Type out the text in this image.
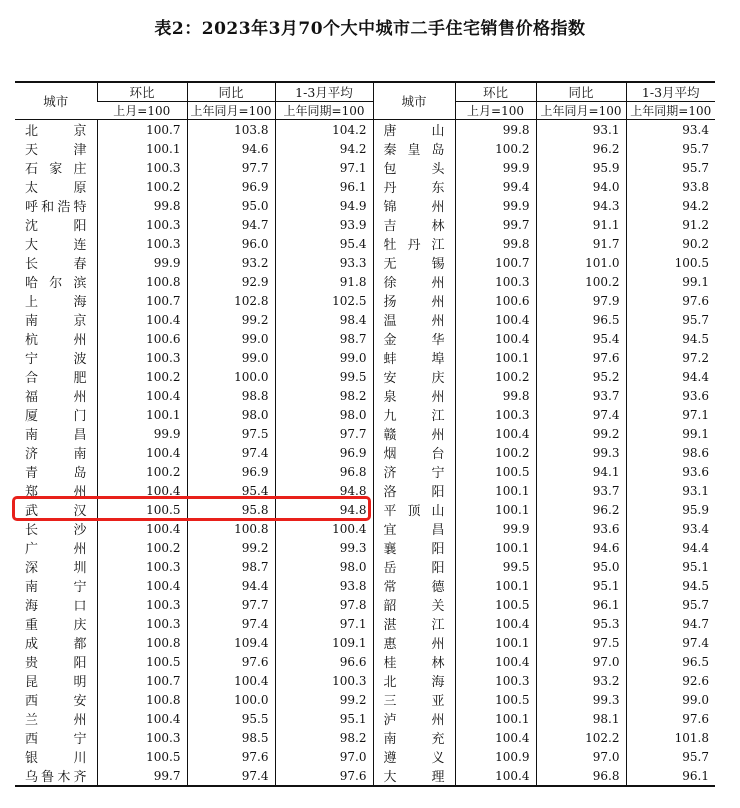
表2：2023年3月70个大中城市二手住宅销售价格指数
城市	环比	同比	1-3月平均	城市	环比	同比	1-3月平均
	上月=100	上年同月=100	上年同期=100		上月=100	上年同月=100	上年同期=100
北京	100.7	103.8	104.2	唐山	99.8	93.1	93.4
天津	100.1	94.6	94.2	秦皇岛	100.2	96.2	95.7
石家庄	100.3	97.7	97.1	包头	99.9	95.9	95.7
太原	100.2	96.9	96.1	丹东	99.4	94.0	93.8
呼和浩特	99.8	95.0	94.9	锦州	99.9	94.3	94.2
沈阳	100.3	94.7	93.9	吉林	99.7	91.1	91.2
大连	100.3	96.0	95.4	牡丹江	99.8	91.7	90.2
长春	99.9	93.2	93.3	无锡	100.7	101.0	100.5
哈尔滨	100.8	92.9	91.8	徐州	100.3	100.2	99.1
上海	100.7	102.8	102.5	扬州	100.6	97.9	97.6
南京	100.4	99.2	98.4	温州	100.4	96.5	95.7
杭州	100.6	99.0	98.7	金华	100.4	95.4	94.5
宁波	100.3	99.0	99.0	蚌埠	100.1	97.6	97.2
合肥	100.2	100.0	99.5	安庆	100.2	95.2	94.4
福州	100.4	98.8	98.2	泉州	99.8	93.7	93.6
厦门	100.1	98.0	98.0	九江	100.3	97.4	97.1
南昌	99.9	97.5	97.7	赣州	100.4	99.2	99.1
济南	100.4	97.4	96.9	烟台	100.2	99.3	98.6
青岛	100.2	96.9	96.8	济宁	100.5	94.1	93.6
郑州	100.4	95.4	94.8	洛阳	100.1	93.7	93.1
武汉	100.5	95.8	94.8	平顶山	100.1	96.2	95.9
长沙	100.4	100.8	100.4	宜昌	99.9	93.6	93.4
广州	100.2	99.2	99.3	襄阳	100.1	94.6	94.4
深圳	100.3	98.7	98.0	岳阳	99.5	95.0	95.1
南宁	100.4	94.4	93.8	常德	100.1	95.1	94.5
海口	100.3	97.7	97.8	韶关	100.5	96.1	95.7
重庆	100.3	97.4	97.1	湛江	100.4	95.3	94.7
成都	100.8	109.4	109.1	惠州	100.1	97.5	97.4
贵阳	100.5	97.6	96.6	桂林	100.4	97.0	96.5
昆明	100.7	100.4	100.3	北海	100.3	93.2	92.6
西安	100.8	100.0	99.2	三亚	100.5	99.3	99.0
兰州	100.4	95.5	95.1	泸州	100.1	98.1	97.6
西宁	100.3	98.5	98.2	南充	100.4	102.2	101.8
银川	100.5	97.6	97.0	遵义	100.9	97.0	95.7
乌鲁木齐	99.7	97.4	97.6	大理	100.4	96.8	96.1
